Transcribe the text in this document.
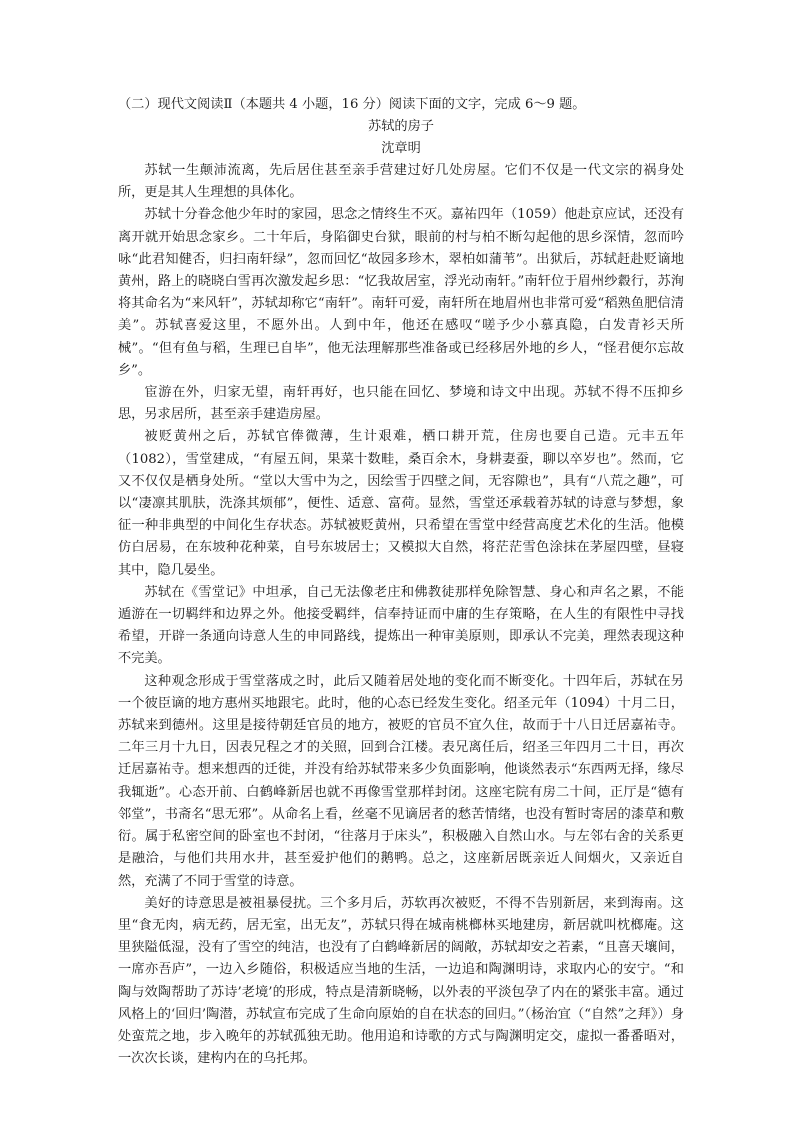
（二）现代文阅读Ⅱ（本题共 4 小题，16 分）阅读下面的文字，完成 6～9 题。

苏轼的房子

沈章明

苏轼一生颠沛流离，先后居住甚至亲手营建过好几处房屋。它们不仅是一代文宗的祸身处所，更是其人生理想的具体化。

苏轼十分眷念他少年时的家园，思念之情终生不灭。嘉祐四年（1059）他赴京应试，还没有离开就开始思念家乡。二十年后，身陷御史台狱，眼前的村与柏不断勾起他的思乡深情，忽而吟咏“此君知健否，归扫南轩绿”，忽而回忆“故园多珍木，翠柏如蒲苇”。出狱后，苏轼赶赴贬谪地黄州，路上的晓晓白雪再次激发起乡思：“忆我故居室，浮光动南轩。”南轩位于眉州纱縠行，苏洵将其命名为“来风轩”，苏轼却称它“南轩”。南轩可爱，南轩所在地眉州也非常可爱“稻熟鱼肥信清美”。苏轼喜爱这里，不愿外出。人到中年，他还在感叹“嗟予少小慕真隐，白发青衫天所械”。“但有鱼与稻，生理已自毕”，他无法理解那些准备或已经移居外地的乡人，“怪君便尔忘故乡”。

宦游在外，归家无望，南轩再好，也只能在回忆、梦境和诗文中出现。苏轼不得不压抑乡思，另求居所，甚至亲手建造房屋。

被贬黄州之后，苏轼官俸微薄，生计艰难，栖口耕开荒，住房也要自己造。元丰五年（1082），雪堂建成，“有屋五间，果菜十数畦，桑百余木，身耕妻蚕，聊以卒岁也”。然而，它又不仅仅是栖身处所。“堂以大雪中为之，因绘雪于四壁之间，无容隙也”，具有“八荒之趣”，可以“凄凛其肌肤，洗涤其烦郁”，便性、适意、富荷。显然，雪堂还承载着苏轼的诗意与梦想，象征一种非典型的中间化生存状态。苏轼被贬黄州，只希望在雪堂中经营高度艺术化的生活。他模仿白居易，在东坡种花种菜，自号东坡居士；又模拟大自然，将茫茫雪色涂抹在茅屋四壁，昼寝其中，隐几晏坐。

苏轼在《雪堂记》中坦承，自己无法像老庄和佛教徒那样免除智慧、身心和声名之累，不能遁游在一切羁绊和边界之外。他接受羁绊，信奉持证而中庸的生存策略，在人生的有限性中寻找希望，开辟一条通向诗意人生的申同路线，提炼出一种审美原则，即承认不完美，理然表现这种不完美。

这种观念形成于雪堂落成之时，此后又随着居处地的变化而不断变化。十四年后，苏轼在另一个彼臣谪的地方惠州买地跟宅。此时，他的心态已经发生变化。绍圣元年（1094）十月二日，苏轼来到德州。这里是接待朝廷官员的地方，被贬的官员不宜久住，故而于十八日迁居嘉祐寺。二年三月十九日，因表兄程之才的关照，回到合江楼。表兄离任后，绍圣三年四月二十日，再次迁居嘉祐寺。想来想西的迁徙，并没有给苏轼带来多少负面影响，他谈然表示“东西两无择，缘尽我辄逝”。心态开前、白鹤峰新居也就不再像雪堂那样封闭。这座宅院有房二十间，正厅是“德有邻堂”，书斋名“思无邪”。从命名上看，丝毫不见谪居者的愁苦情绪，也没有暂时寄居的漆草和敷衍。属于私密空间的卧室也不封闭，“往落月于床头”，积极融入自然山水。与左邻右舍的关系更是融洽，与他们共用水井，甚至爱护他们的鹅鸭。总之，这座新居既亲近人间烟火，又亲近自然，充满了不同于雪堂的诗意。

美好的诗意思是被祖暴侵扰。三个多月后，苏软再次被贬，不得不告别新居，来到海南。这里“食无肉，病无药，居无室，出无友”，苏轼只得在城南桃榔林买地建房，新居就叫枕榔庵。这里狭隘低湿，没有了雪空的纯洁，也没有了白鹤峰新居的阔敞，苏轼却安之若素，“且喜天壤间，一席亦吾庐”，一边入乡随俗，积极适应当地的生活，一边追和陶渊明诗，求取内心的安宁。“和陶与效陶帮助了苏诗’老境’的形成，特点是清新晓畅，以外表的平淡包孕了内在的紧张丰富。通过风格上的‘回归’陶潜，苏轼宣布完成了生命向原始的自在状态的回归。”（杨治宜（“自然”之拜》）身处蛮荒之地，步入晚年的苏轼孤独无助。他用追和诗歌的方式与陶渊明定交，虚拟一番番晤对，一次次长谈，建构内在的乌托邦。
